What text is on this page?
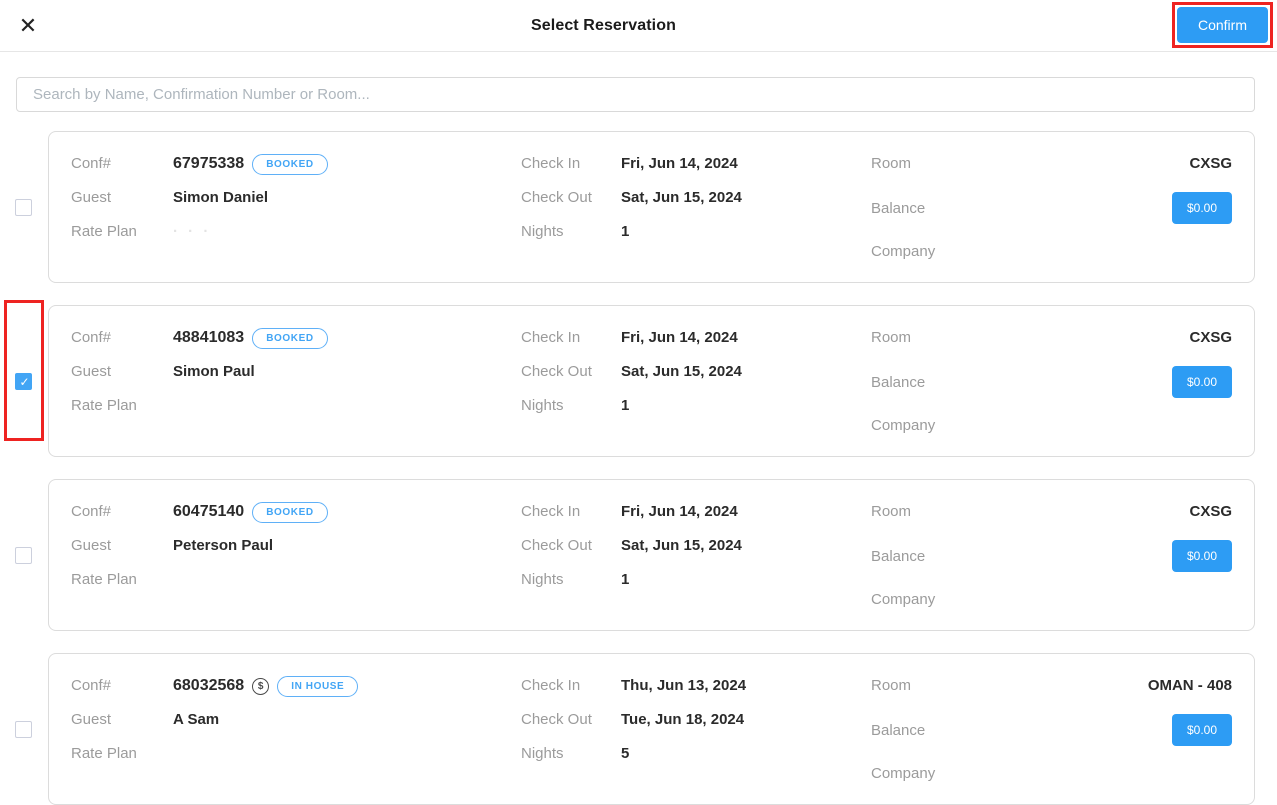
✕	Select Reservation	Confirm
Search by Name, Confirmation Number or Room...
Conf#	67975338	BOOKED
Guest	Simon Daniel
Rate Plan	· · ·
Check In	Fri, Jun 14, 2024
Check Out	Sat, Jun 15, 2024
Nights	1
Room	CXSG
Balance	$0.00
Company
✓
Conf#	48841083	BOOKED
Guest	Simon Paul
Rate Plan
Check In	Fri, Jun 14, 2024
Check Out	Sat, Jun 15, 2024
Nights	1
Room	CXSG
Balance	$0.00
Company
Conf#	60475140	BOOKED
Guest	Peterson Paul
Rate Plan
Check In	Fri, Jun 14, 2024
Check Out	Sat, Jun 15, 2024
Nights	1
Room	CXSG
Balance	$0.00
Company
Conf#	68032568	$	IN HOUSE
Guest	A Sam
Rate Plan
Check In	Thu, Jun 13, 2024
Check Out	Tue, Jun 18, 2024
Nights	5
Room	OMAN - 408
Balance	$0.00
Company
